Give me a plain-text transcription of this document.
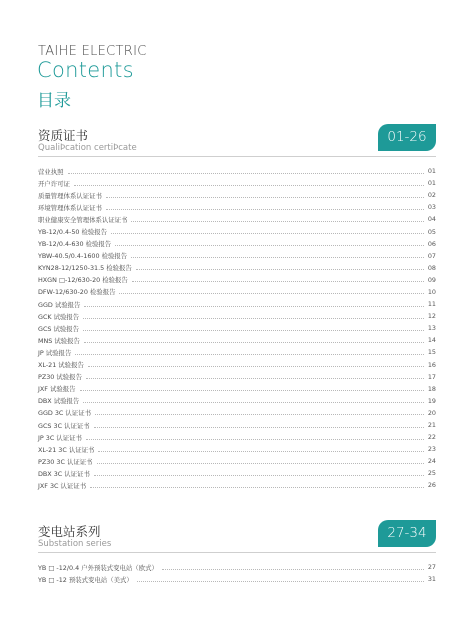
TAIHE ELECTRIC
Contents
目录
资质证书
QualiÞcation certiÞcate
01-26
营业执照	01
开户许可证	01
质量管理体系认证证书	02
环境管理体系认证证书	03
职业健康安全管理体系认证证书	04
YB-12/0.4-50 检验报告	05
YB-12/0.4-630 检验报告	06
YBW-40.5/0.4-1600 检验报告	07
KYN28-12/1250-31.5 检验报告	08
HXGN □-12/630-20 检验报告	09
DFW-12/630-20 检验报告	10
GGD 试验报告	11
GCK 试验报告	12
GCS 试验报告	13
MNS 试验报告	14
JP 试验报告	15
XL-21 试验报告	16
PZ30 试验报告	17
JXF 试验报告	18
DBX 试验报告	19
GGD 3C 认证证书	20
GCS 3C 认证证书	21
JP 3C 认证证书	22
XL-21 3C 认证证书	23
PZ30 3C 认证证书	24
DBX 3C 认证证书	25
JXF 3C 认证证书	26
变电站系列
Substation series
27-34
YB □ -12/0.4 户外预装式变电站（欧式）	27
YB □ -12 预装式变电站（美式）	31
